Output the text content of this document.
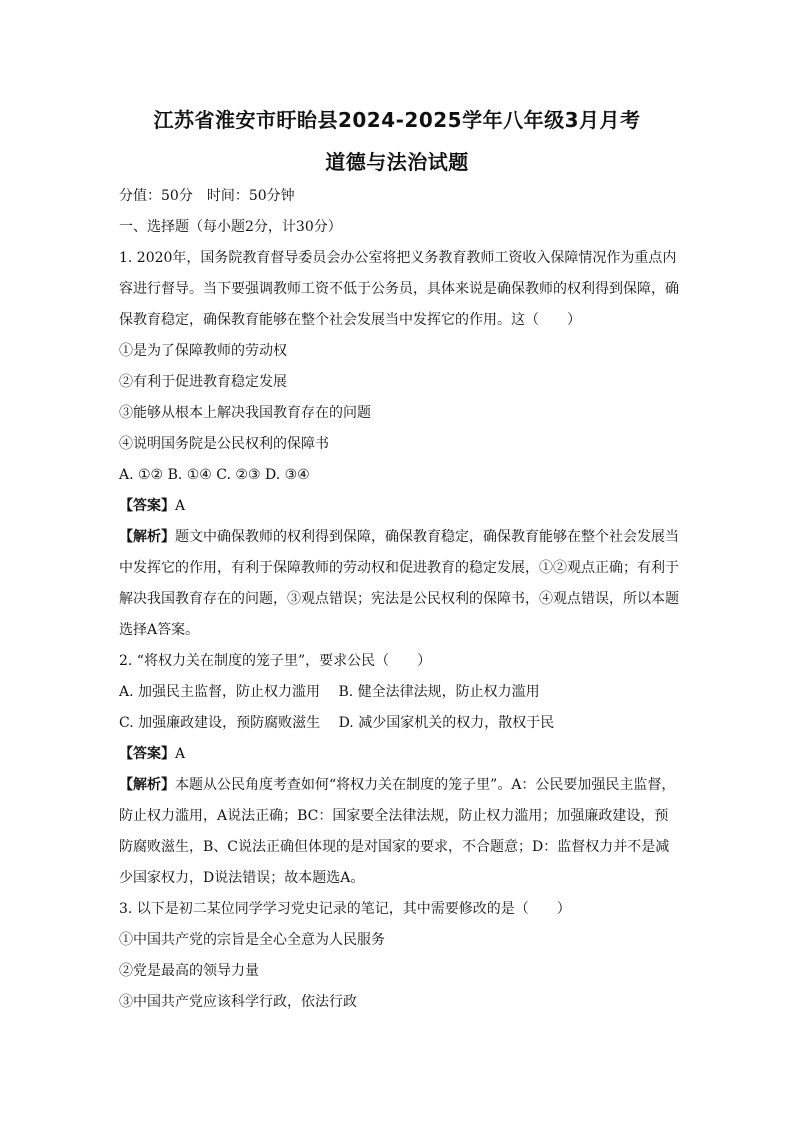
江苏省淮安市盱眙县2024-2025学年八年级3月月考
道德与法治试题
分值：50分　时间：50分钟
一、选择题（每小题2分，计30分）
1. 2020年，国务院教育督导委员会办公室将把义务教育教师工资收入保障情况作为重点内
容进行督导。当下要强调教师工资不低于公务员，具体来说是确保教师的权利得到保障，确
保教育稳定，确保教育能够在整个社会发展当中发挥它的作用。这（　　）
①是为了保障教师的劳动权
②有利于促进教育稳定发展
③能够从根本上解决我国教育存在的问题
④说明国务院是公民权利的保障书
A. ①② B. ①④ C. ②③ D. ③④
【答案】A
【解析】题文中确保教师的权利得到保障，确保教育稳定，确保教育能够在整个社会发展当
中发挥它的作用，有利于保障教师的劳动权和促进教育的稳定发展，①②观点正确；有利于
解决我国教育存在的问题，③观点错误；宪法是公民权利的保障书，④观点错误，所以本题
选择A答案。
2. “将权力关在制度的笼子里”，要求公民（　　）
A. 加强民主监督，防止权力滥用　 B. 健全法律法规，防止权力滥用
C. 加强廉政建设，预防腐败滋生　 D. 减少国家机关的权力，散权于民
【答案】A
【解析】本题从公民角度考查如何“将权力关在制度的笼子里”。A：公民要加强民主监督，
防止权力滥用，A说法正确；BC：国家要全法律法规，防止权力滥用；加强廉政建设，预
防腐败滋生，B、C说法正确但体现的是对国家的要求，不合题意；D：监督权力并不是减
少国家权力，D说法错误；故本题选A。
3. 以下是初二某位同学学习党史记录的笔记，其中需要修改的是（　　）
①中国共产党的宗旨是全心全意为人民服务
②党是最高的领导力量
③中国共产党应该科学行政，依法行政
